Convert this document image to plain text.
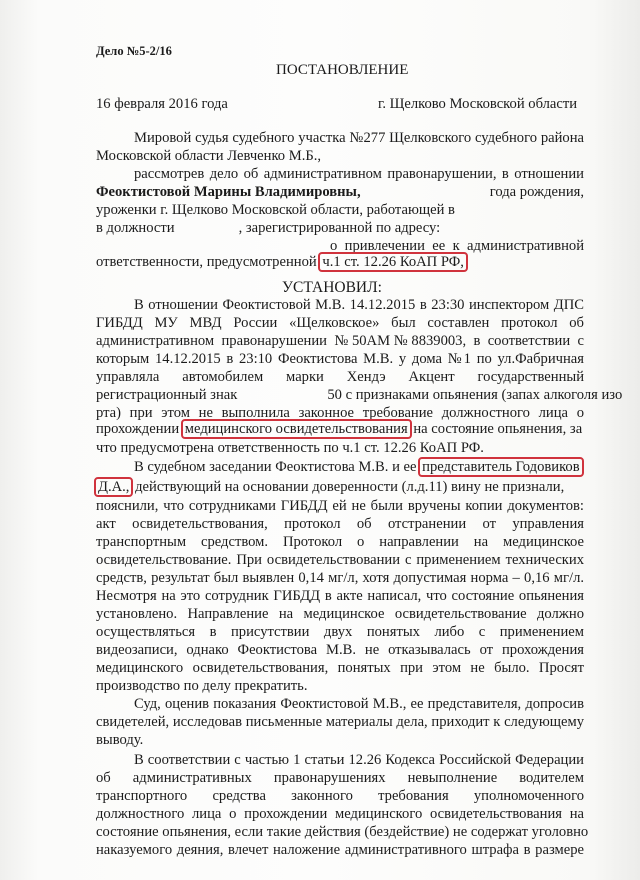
Дело №5-2/16
ПОСТАНОВЛЕНИЕ
16 февраля 2016 года	г. Щелково Московской области
Мировой судья судебного участка №277 Щелковского судебного района
Московской области Левченко М.Б.,
рассмотрев дело об административном правонарушении, в отношении
Феоктистовой Марины Владимировны,	года рождения,
уроженки г. Щелково Московской области, работающей в
в должности	, зарегистрированной по адресу:
о привлечении ее к административной
ответственности, предусмотренной ч.1 ст. 12.26 КоАП РФ,
УСТАНОВИЛ:
В отношении Феоктистовой М.В. 14.12.2015 в 23:30 инспектором ДПС
ГИБДД МУ МВД России «Щелковское» был составлен протокол об
административном правонарушении №50АМ№8839003, в соответствии с
которым 14.12.2015 в 23:10 Феоктистова М.В. у дома №1 по ул.Фабричная
управляла автомобилем марки Хендэ Акцент государственный
регистрационный знак	50 с признаками опьянения (запах алкоголя изо
рта) при этом не выполнила законное требование должностного лица о
прохождении медицинского освидетельствования на состояние опьянения, за
что предусмотрена ответственность по ч.1 ст. 12.26 КоАП РФ.
В судебном заседании Феоктистова М.В. и ее представитель Годовиков
Д.А., действующий на основании доверенности (л.д.11) вину не признали,
пояснили, что сотрудниками ГИБДД ей не были вручены копии документов:
акт освидетельствования, протокол об отстранении от управления
транспортным средством. Протокол о направлении на медицинское
освидетельствование. При освидетельствовании с применением технических
средств, результат был выявлен 0,14 мг/л, хотя допустимая норма – 0,16 мг/л.
Несмотря на это сотрудник ГИБДД в акте написал, что состояние опьянения
установлено. Направление на медицинское освидетельствование должно
осуществляться в присутствии двух понятых либо с применением
видеозаписи, однако Феоктистова М.В. не отказывалась от прохождения
медицинского освидетельствования, понятых при этом не было. Просят
производство по делу прекратить.
Суд, оценив показания Феоктистовой М.В., ее представителя, допросив
свидетелей, исследовав письменные материалы дела, приходит к следующему
выводу.
В соответствии с частью 1 статьи 12.26 Кодекса Российской Федерации
об административных правонарушениях невыполнение водителем
транспортного средства законного требования уполномоченного
должностного лица о прохождении медицинского освидетельствования на
состояние опьянения, если такие действия (бездействие) не содержат уголовно
наказуемого деяния, влечет наложение административного штрафа в размере
